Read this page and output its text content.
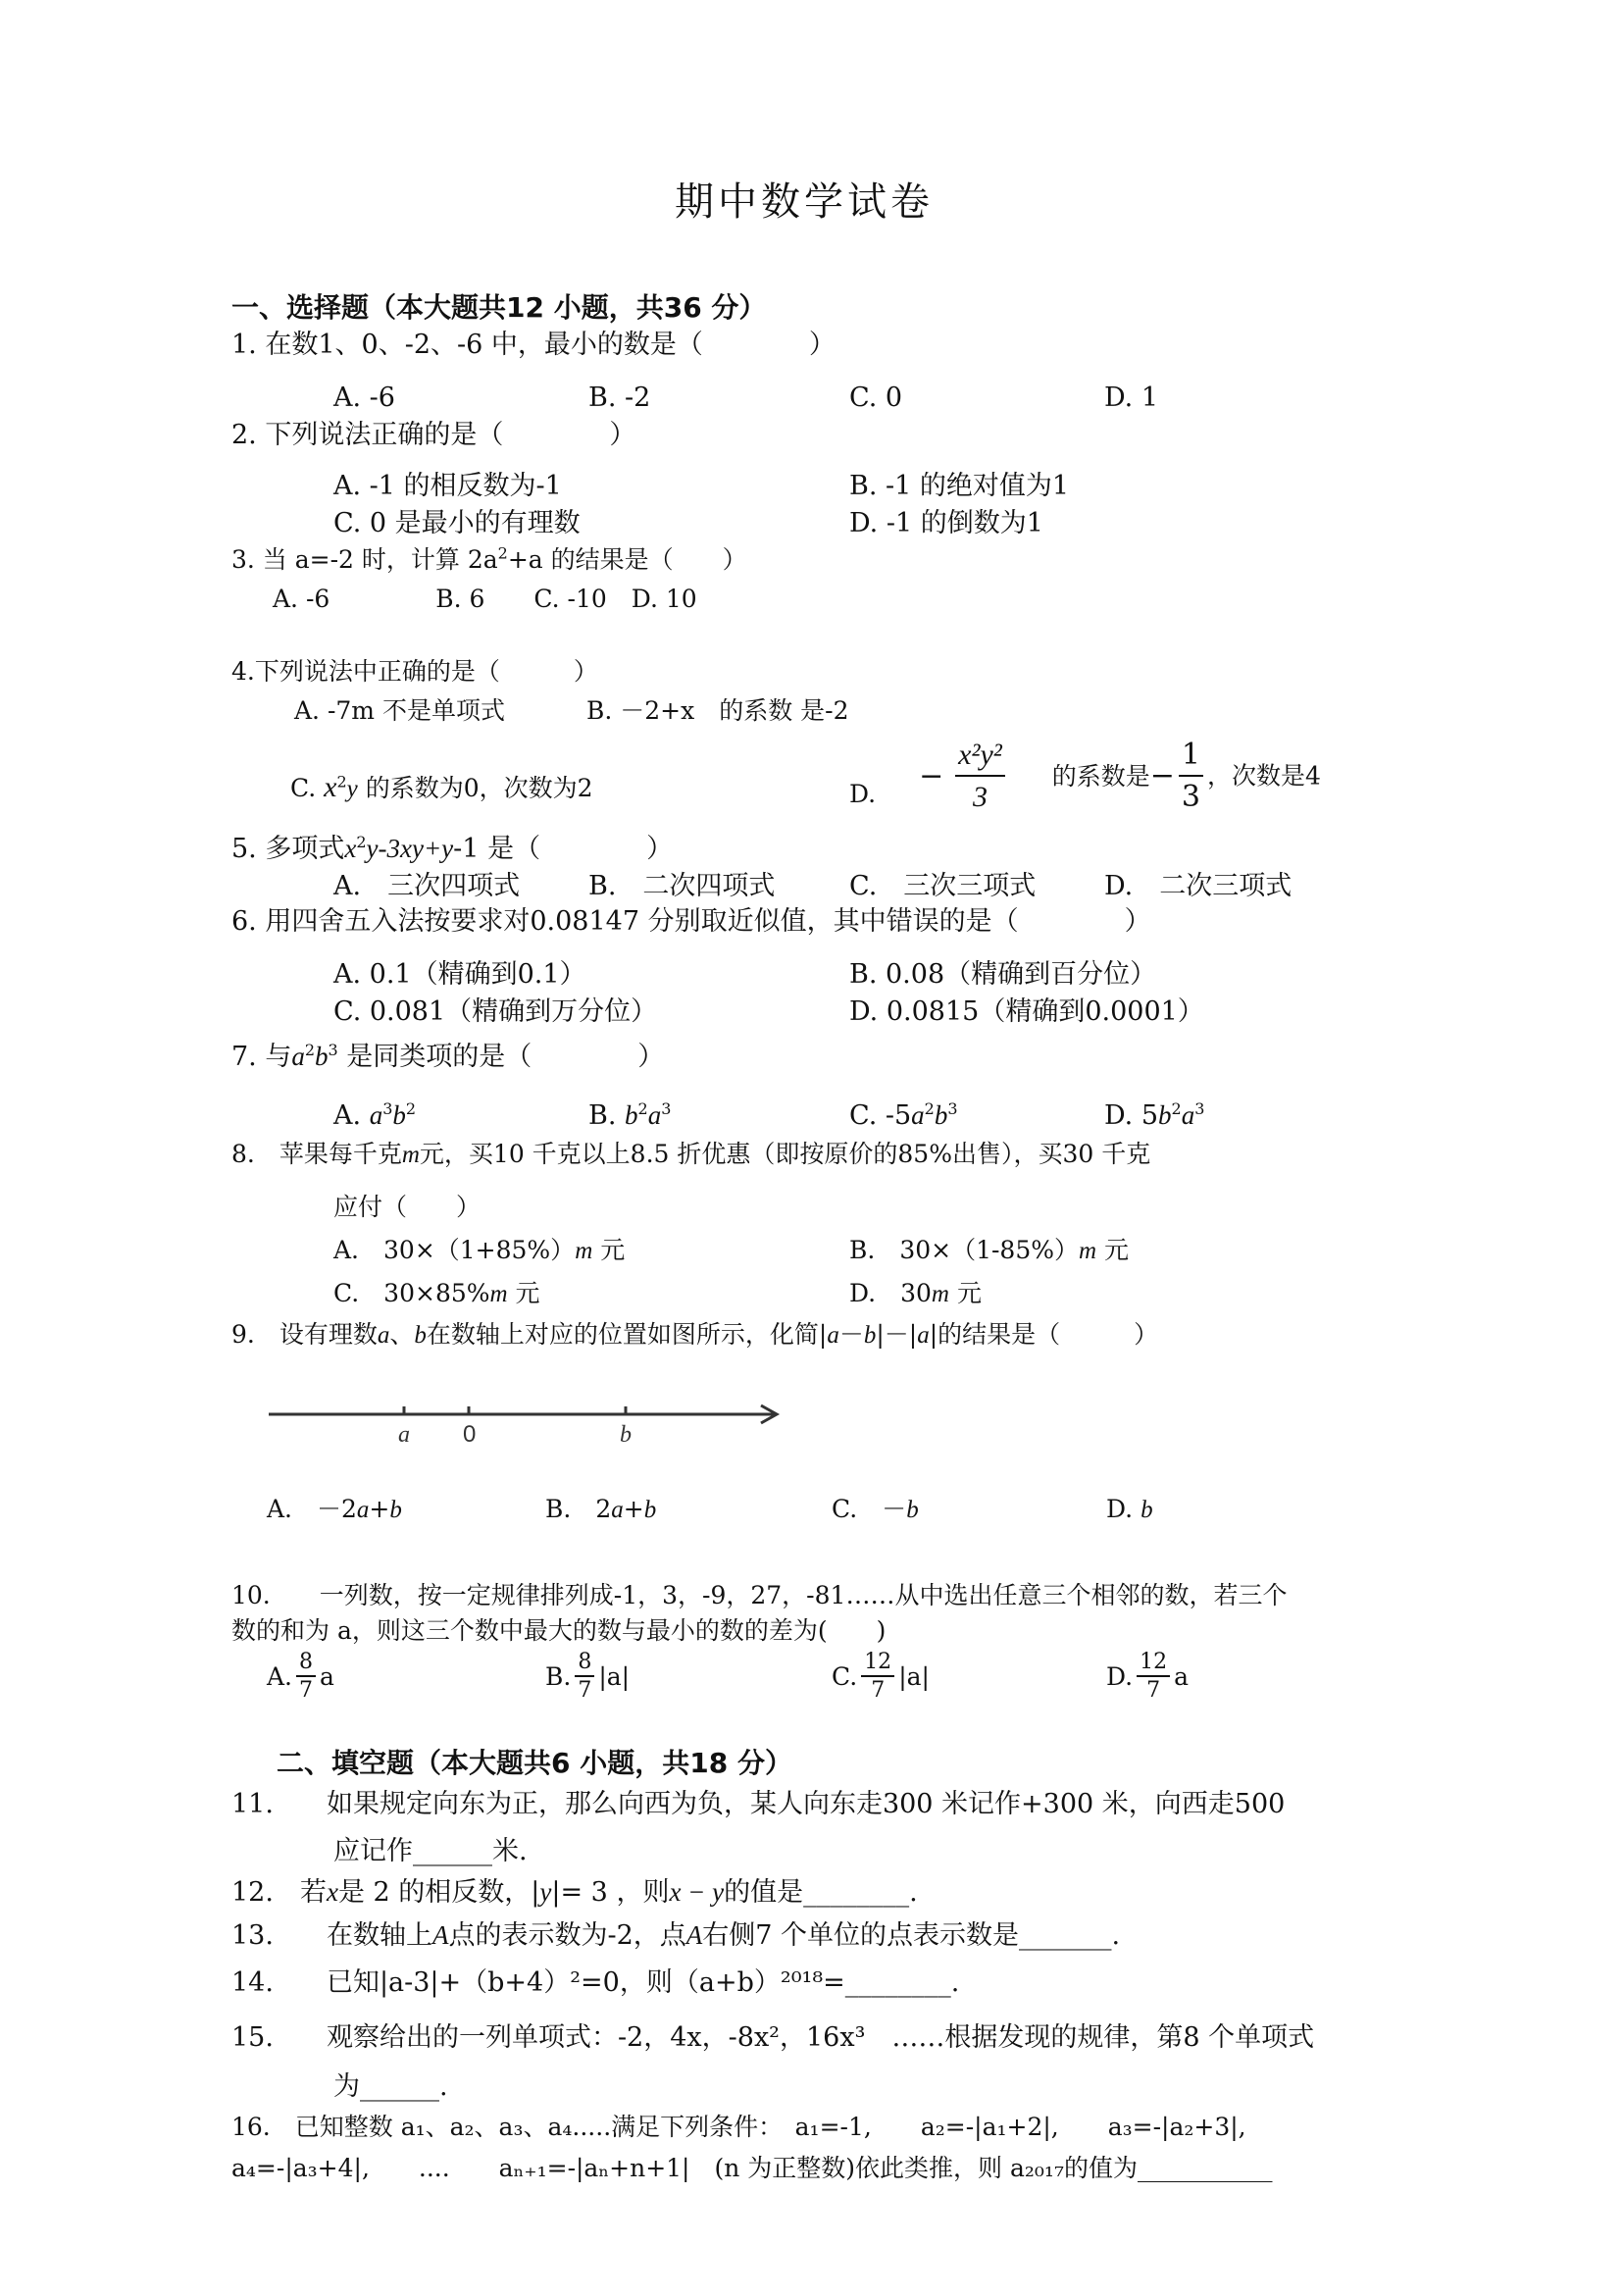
期中数学试卷
一、选择题（本大题共12 小题，共36 分）
1. 在数1、0、-2、-6 中，最小的数是（　　　　）
A. -6	B. -2	C. 0	D. 1
2. 下列说法正确的是（　　　　）
A. -1 的相反数为-1	B. -1 的绝对值为1
C. 0 是最小的有理数	D. -1 的倒数为1
3. 当 a=-2 时，计算 $2a^2+a$ 的结果是（　　）
A. -6　　　　 B. 6　　C. -10　D. 10
4.下列说法中正确的是（　　　）
A. -7m 不是单项式	B. －2+x　的系数 是-2
C. $x^2y$ 的系数为0，次数为2	D. − $\frac{\text{x²y²}}{3}$ 的系数是− $\frac{1}{3}$ ，次数是4
5. 多项式$x^2y-3xy+y-1$ 是（　　　　）
A.　三次四项式	B.　二次四项式	C.　三次三项式	D.　二次三项式
6. 用四舍五入法按要求对0.08147 分别取近似值，其中错误的是（　　　　）
A. 0.1（精确到0.1）	B. 0.08（精确到百分位）
C. 0.081（精确到万分位）	D. 0.0815（精确到0.0001）
7. 与$a^2b^3$ 是同类项的是（　　　　）
A. $a^3b^2$	B. $b^2a^3$	C. $-5a^2b^3$	D. $5b^2a^3$
8.　苹果每千克m元，买10 千克以上8.5 折优惠（即按原价的85%出售），买30 千克
应付（　　）
A.　30×（1+85%）m 元	B.　30×（1-85%）m 元
C.　30×85%m 元	D.　30m 元
9.　设有理数a、b在数轴上对应的位置如图所示，化简|a－b|－|a|的结果是（　　　）
a 0	b
A.　－2a+b	B.　2a+b	C.　－b	D. b
10.　　一列数，按一定规律排列成-1，3，-9，27，-81……从中选出任意三个相邻的数，若三个
数的和为 a，则这三个数中最大的数与最小的数的差为(　　)
A. $\frac{8}{7}$ a	B. $\frac{8}{7} |a|$	C. $\frac{12}{7} |a|$	D. $\frac{12}{7}$ a
二、填空题（本大题共6 小题，共18 分）
11.　　如果规定向东为正，那么向西为负，某人向东走300 米记作+300 米，向西走500
应记作______米.
12.　若x是 2 的相反数，|y|= 3 ，则x − y的值是________.
13.　　在数轴上A点的表示数为-2，点A右侧7 个单位的点表示数是_______.
14.　　已知|a-3|+（b+4）²=0，则（a+b）²⁰¹⁸=________.
15.　　观察给出的一列单项式：-2，4x，-8x²，16x³　……根据发现的规律，第8 个单项式
为______.
16.　已知整数 a₁、a₂、a₃、a₄.....满足下列条件：　a₁=-1,　　a₂=-|a₁+2|,　　a₃=-|a₂+3|,
a₄=-|a₃+4|,　　....　　aₙ₊₁=-|aₙ+n+1|　(n 为正整数)依此类推，则 a₂₀₁₇的值为___________
